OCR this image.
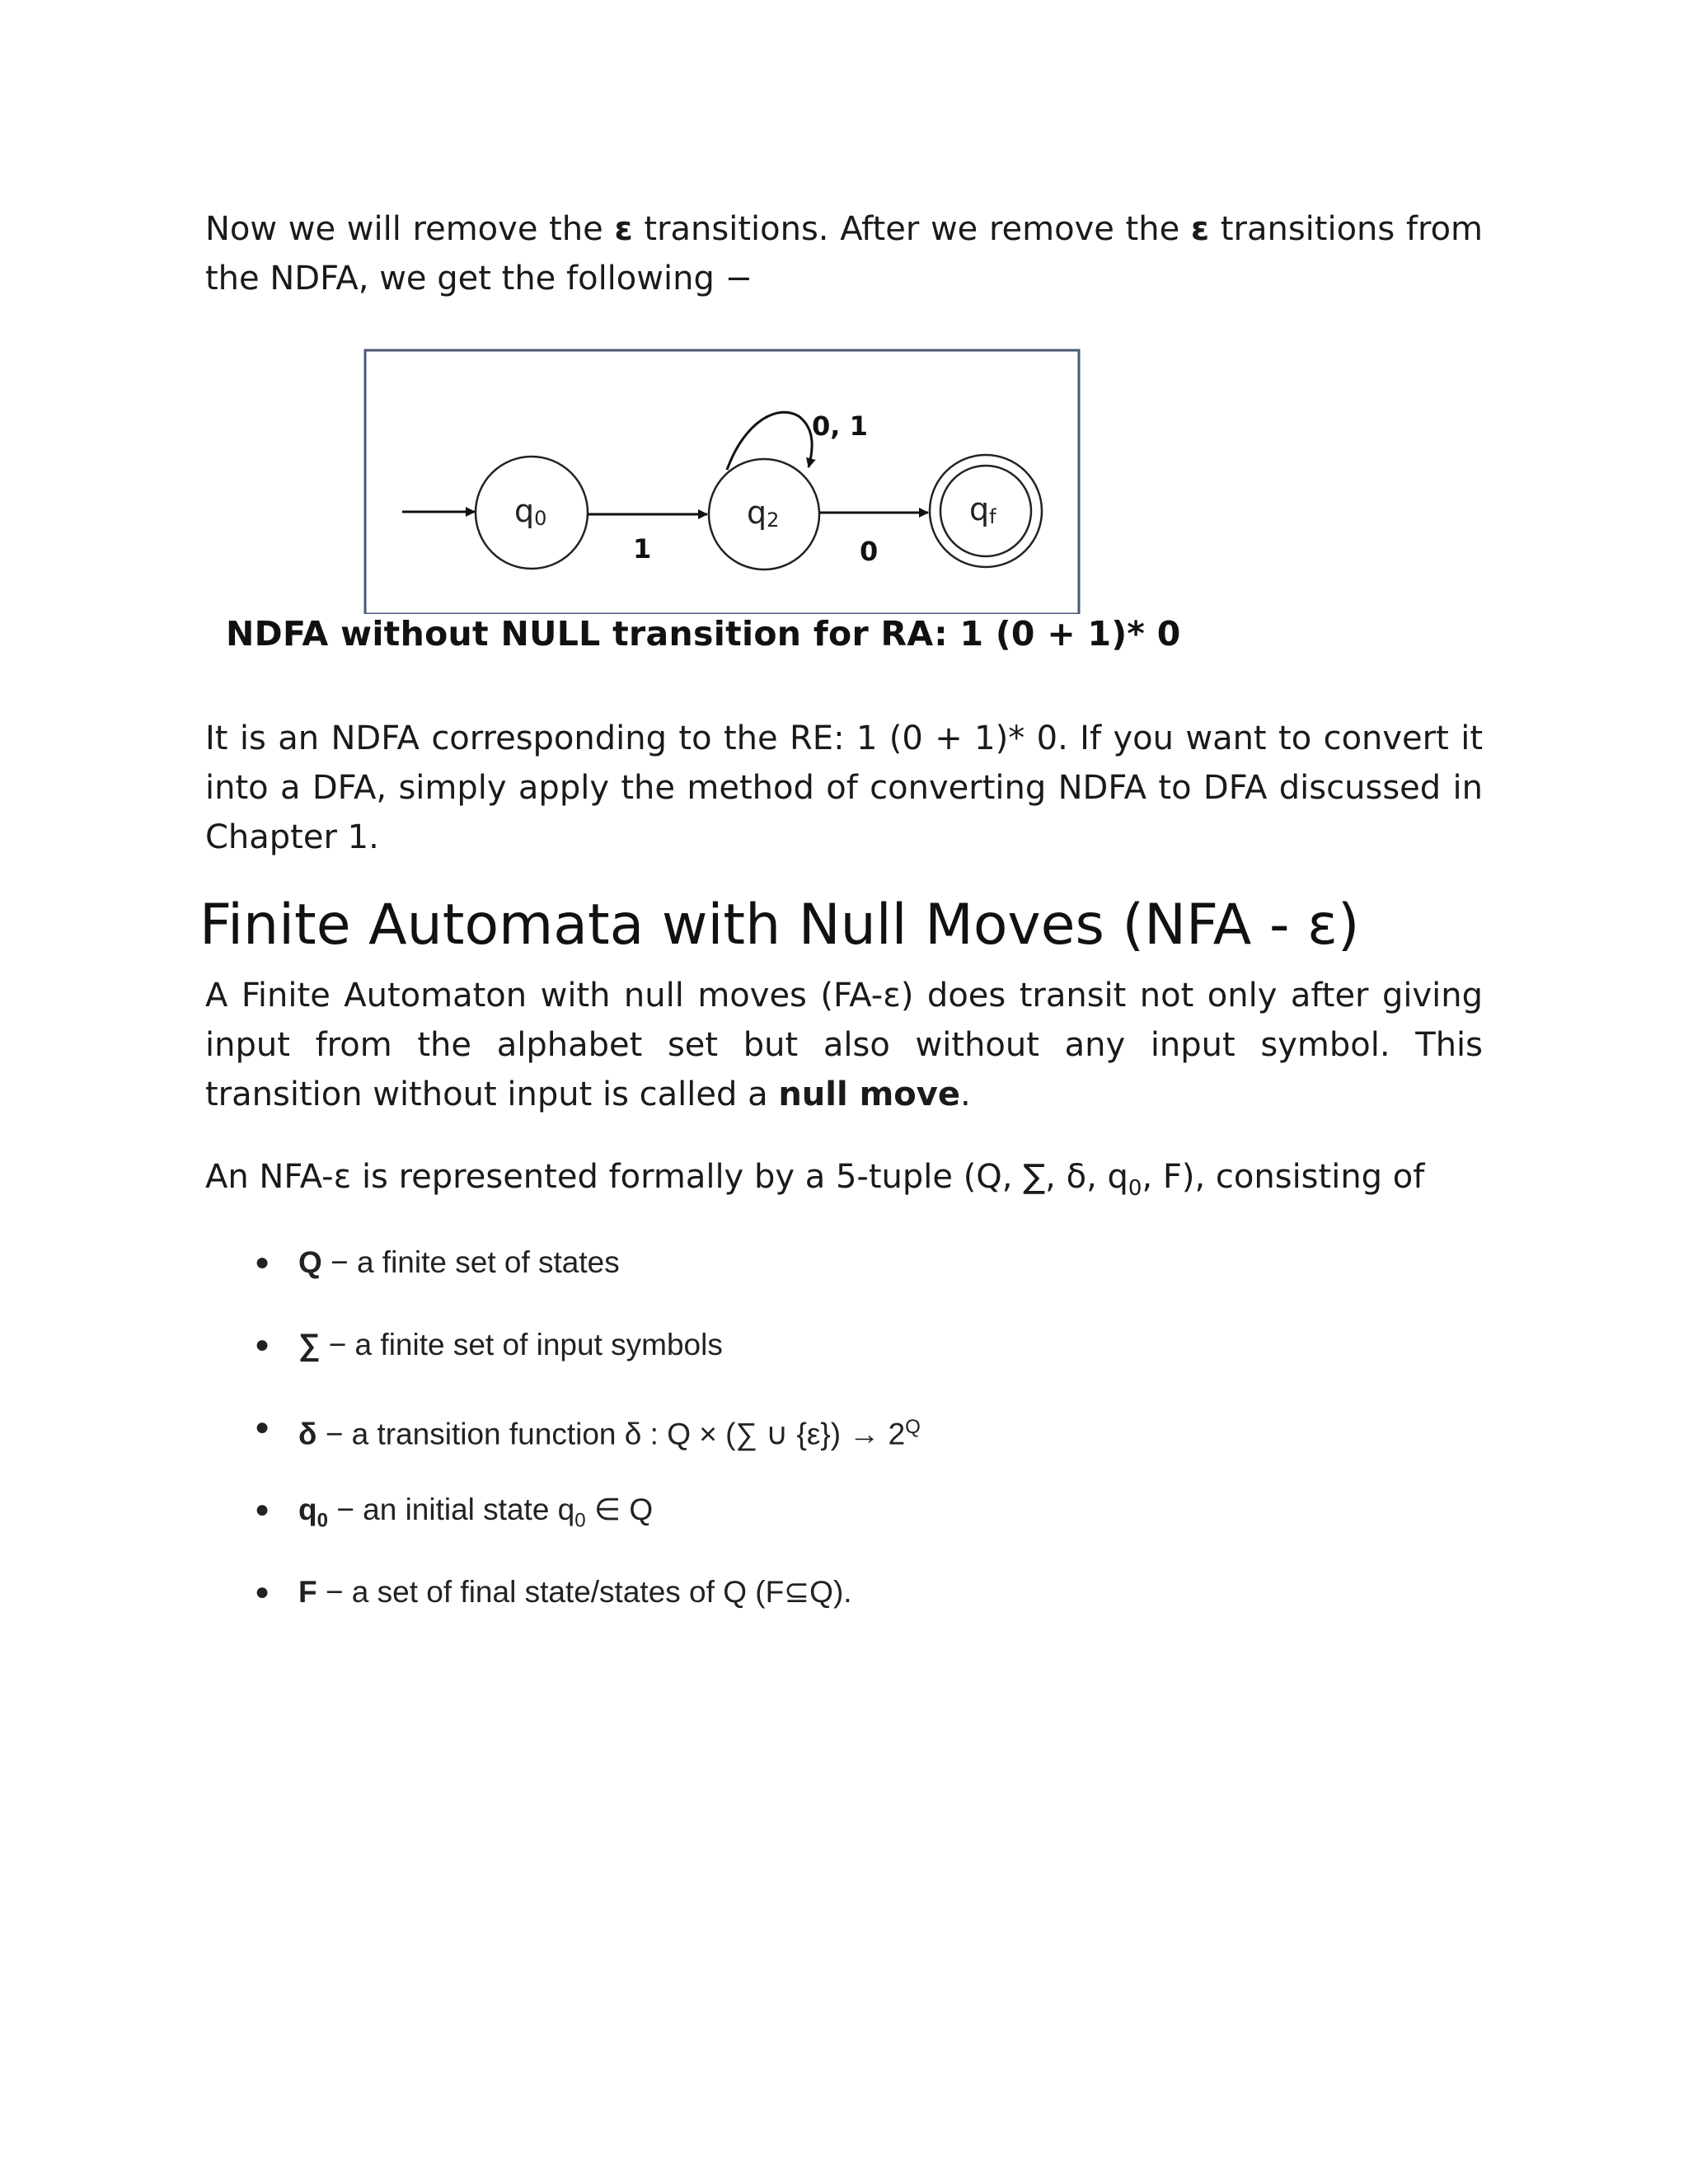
Now we will remove the ε transitions. After we remove the ε transitions from the NDFA, we get the following −

q0
1
q2
0, 1
0
qf
NDFA without NULL transition for RA: 1 (0 + 1)* 0

It is an NDFA corresponding to the RE: 1 (0 + 1)* 0. If you want to convert it into a DFA, simply apply the method of converting NDFA to DFA discussed in Chapter 1.

Finite Automata with Null Moves (NFA - ε)

A Finite Automaton with null moves (FA-ε) does transit not only after giving input from the alphabet set but also without any input symbol. This transition without input is called a null move.

An NFA-ε is represented formally by a 5-tuple (Q, ∑, δ, $q_0$, F), consisting of

● Q − a finite set of states
● ∑ − a finite set of input symbols
● δ − a transition function δ : Q × (∑ ∪ $\{\varepsilon\}) \to 2^Q$
● $q_0$ − an initial state $q_0$ ∈ Q
● F − a set of final state/states of Q (F⊆Q).
